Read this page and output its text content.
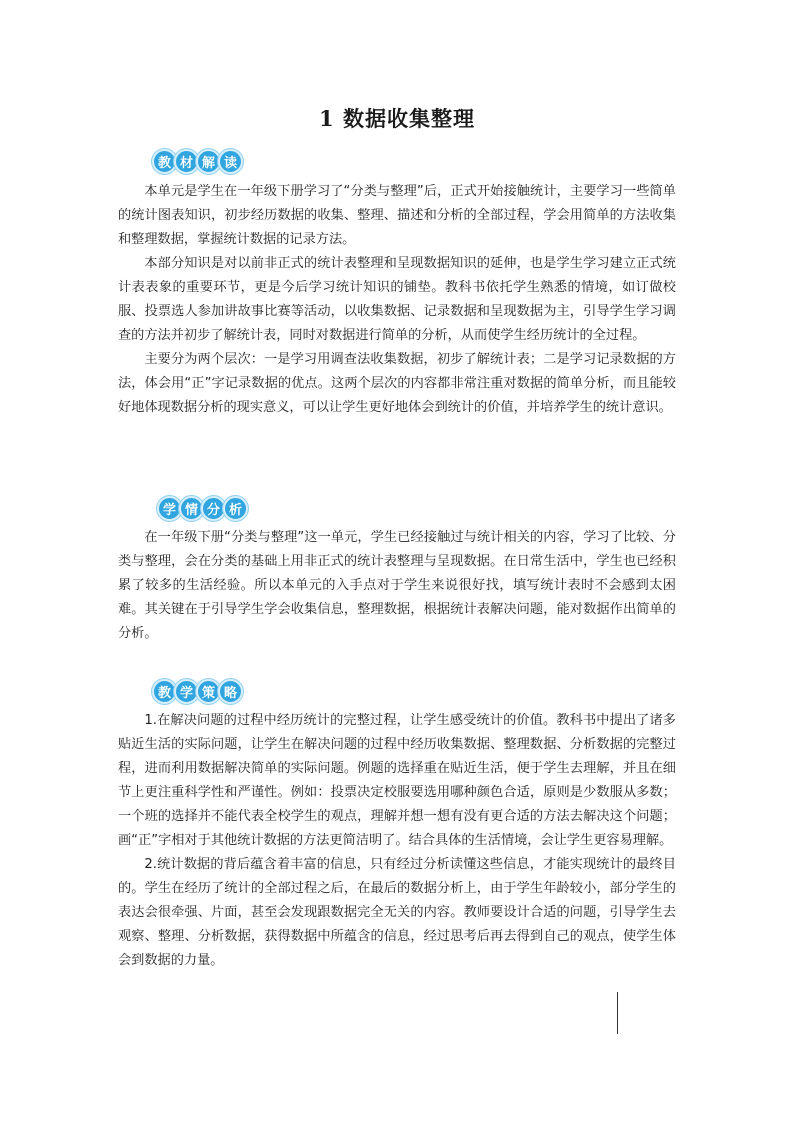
1 数据收集整理
教 材 解 读

本单元是学生在一年级下册学习了“分类与整理”后，正式开始接触统计，主要学习一些简单的统计图表知识，初步经历数据的收集、整理、描述和分析的全部过程，学会用简单的方法收集和整理数据，掌握统计数据的记录方法。

本部分知识是对以前非正式的统计表整理和呈现数据知识的延伸，也是学生学习建立正式统计表表象的重要环节，更是今后学习统计知识的铺垫。教科书依托学生熟悉的情境，如订做校服、投票选人参加讲故事比赛等活动，以收集数据、记录数据和呈现数据为主，引导学生学习调查的方法并初步了解统计表，同时对数据进行简单的分析，从而使学生经历统计的全过程。

主要分为两个层次：一是学习用调查法收集数据，初步了解统计表；二是学习记录数据的方法，体会用“正”字记录数据的优点。这两个层次的内容都非常注重对数据的简单分析，而且能较好地体现数据分析的现实意义，可以让学生更好地体会到统计的价值，并培养学生的统计意识。

学 情 分 析

在一年级下册“分类与整理”这一单元，学生已经接触过与统计相关的内容，学习了比较、分类与整理，会在分类的基础上用非正式的统计表整理与呈现数据。在日常生活中，学生也已经积累了较多的生活经验。所以本单元的入手点对于学生来说很好找，填写统计表时不会感到太困难。其关键在于引导学生学会收集信息，整理数据，根据统计表解决问题，能对数据作出简单的分析。

教 学 策 略

1.在解决问题的过程中经历统计的完整过程，让学生感受统计的价值。教科书中提出了诸多贴近生活的实际问题，让学生在解决问题的过程中经历收集数据、整理数据、分析数据的完整过程，进而利用数据解决简单的实际问题。例题的选择重在贴近生活，便于学生去理解，并且在细节上更注重科学性和严谨性。例如：投票决定校服要选用哪种颜色合适，原则是少数服从多数；一个班的选择并不能代表全校学生的观点，理解并想一想有没有更合适的方法去解决这个问题；画“正”字相对于其他统计数据的方法更简洁明了。结合具体的生活情境，会让学生更容易理解。

2.统计数据的背后蕴含着丰富的信息，只有经过分析读懂这些信息，才能实现统计的最终目的。学生在经历了统计的全部过程之后，在最后的数据分析上，由于学生年龄较小，部分学生的表达会很牵强、片面，甚至会发现跟数据完全无关的内容。教师要设计合适的问题，引导学生去观察、整理、分析数据，获得数据中所蕴含的信息，经过思考后再去得到自己的观点，使学生体会到数据的力量。
